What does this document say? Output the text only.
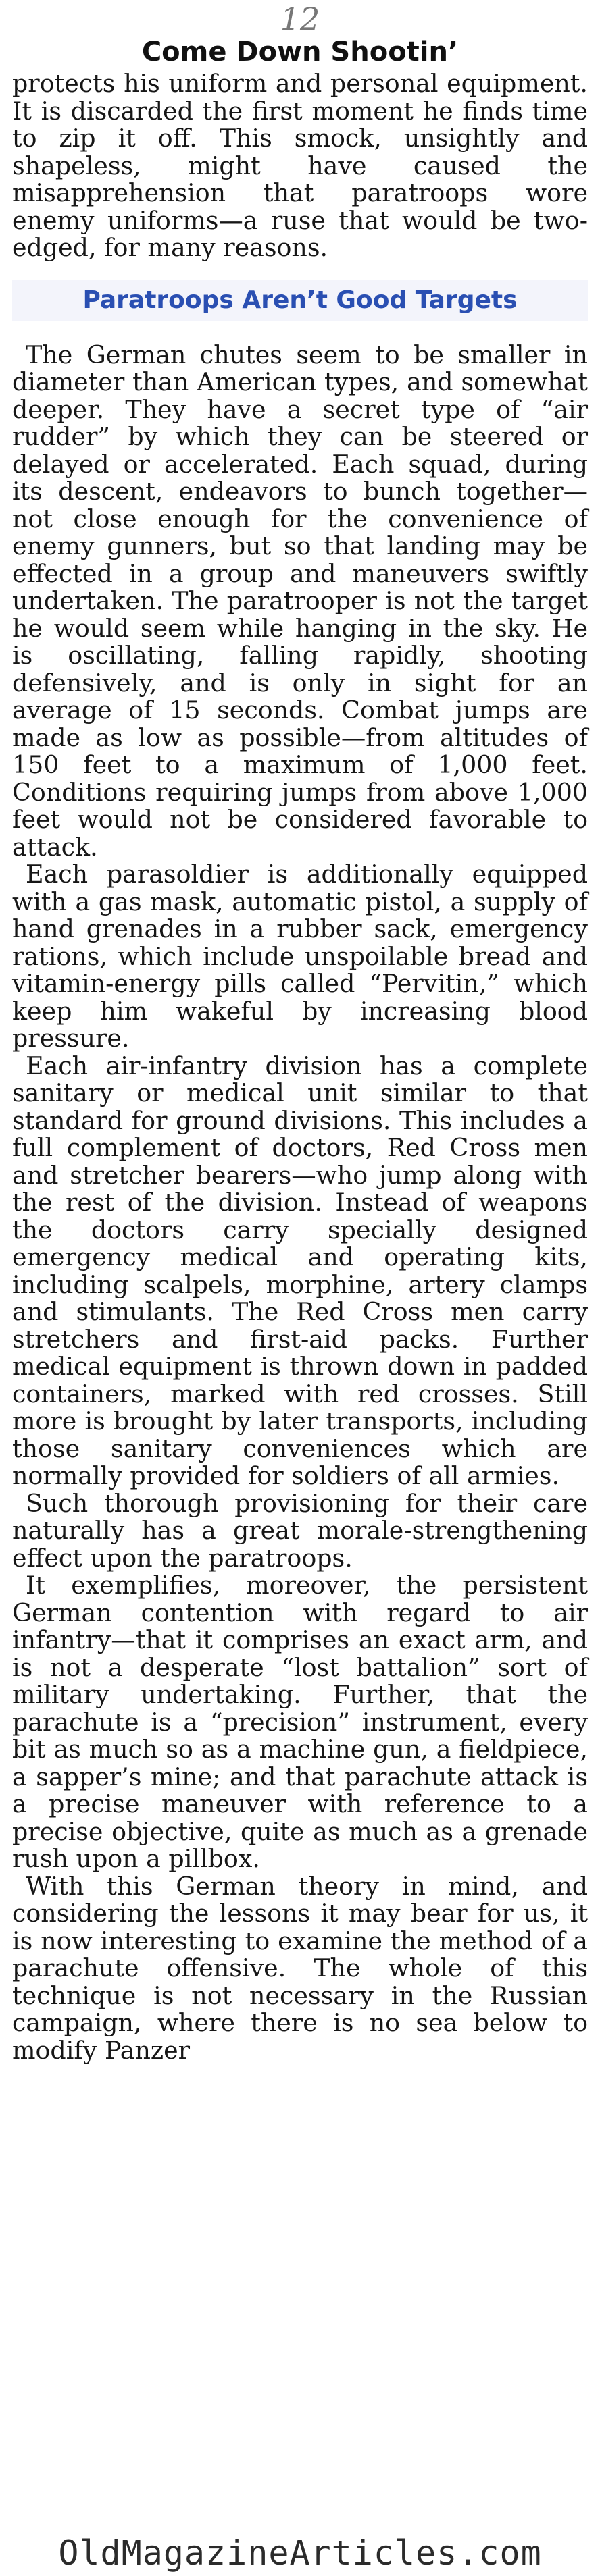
12
Come Down Shootin’

protects his uniform and personal equipment. It is discarded the first moment he finds time to zip it off. This smock, unsightly and shapeless, might have caused the misapprehension that paratroops wore enemy uniforms—a ruse that would be two-edged, for many reasons.

Paratroops Aren’t Good Targets

The German chutes seem to be smaller in diameter than American types, and somewhat deeper. They have a secret type of “air rudder” by which they can be steered or delayed or accelerated. Each squad, during its descent, endeavors to bunch together—not close enough for the convenience of enemy gunners, but so that landing may be effected in a group and maneuvers swiftly undertaken. The paratrooper is not the target he would seem while hanging in the sky. He is oscillating, falling rapidly, shooting defensively, and is only in sight for an average of 15 seconds. Combat jumps are made as low as possible—from altitudes of 150 feet to a maximum of 1,000 feet. Conditions requiring jumps from above 1,000 feet would not be considered favorable to attack.

Each parasoldier is additionally equipped with a gas mask, automatic pistol, a supply of hand grenades in a rubber sack, emergency rations, which include unspoilable bread and vitamin-energy pills called “Pervitin,” which keep him wakeful by increasing blood pressure.

Each air-infantry division has a complete sanitary or medical unit similar to that standard for ground divisions. This includes a full complement of doctors, Red Cross men and stretcher bearers—who jump along with the rest of the division. Instead of weapons the doctors carry specially designed emergency medical and operating kits, including scalpels, morphine, artery clamps and stimulants. The Red Cross men carry stretchers and first-aid packs. Further medical equipment is thrown down in padded containers, marked with red crosses. Still more is brought by later transports, including those sanitary conveniences which are normally provided for soldiers of all armies.

Such thorough provisioning for their care naturally has a great morale-strengthening effect upon the paratroops.

It exemplifies, moreover, the persistent German contention with regard to air infantry—that it comprises an exact arm, and is not a desperate “lost battalion” sort of military undertaking. Further, that the parachute is a “precision” instrument, every bit as much so as a machine gun, a fieldpiece, a sapper’s mine; and that parachute attack is a precise maneuver with reference to a precise objective, quite as much as a grenade rush upon a pillbox.

With this German theory in mind, and considering the lessons it may bear for us, it is now interesting to examine the method of a parachute offensive. The whole of this technique is not necessary in the Russian campaign, where there is no sea below to modify Panzer

OldMagazineArticles.com
